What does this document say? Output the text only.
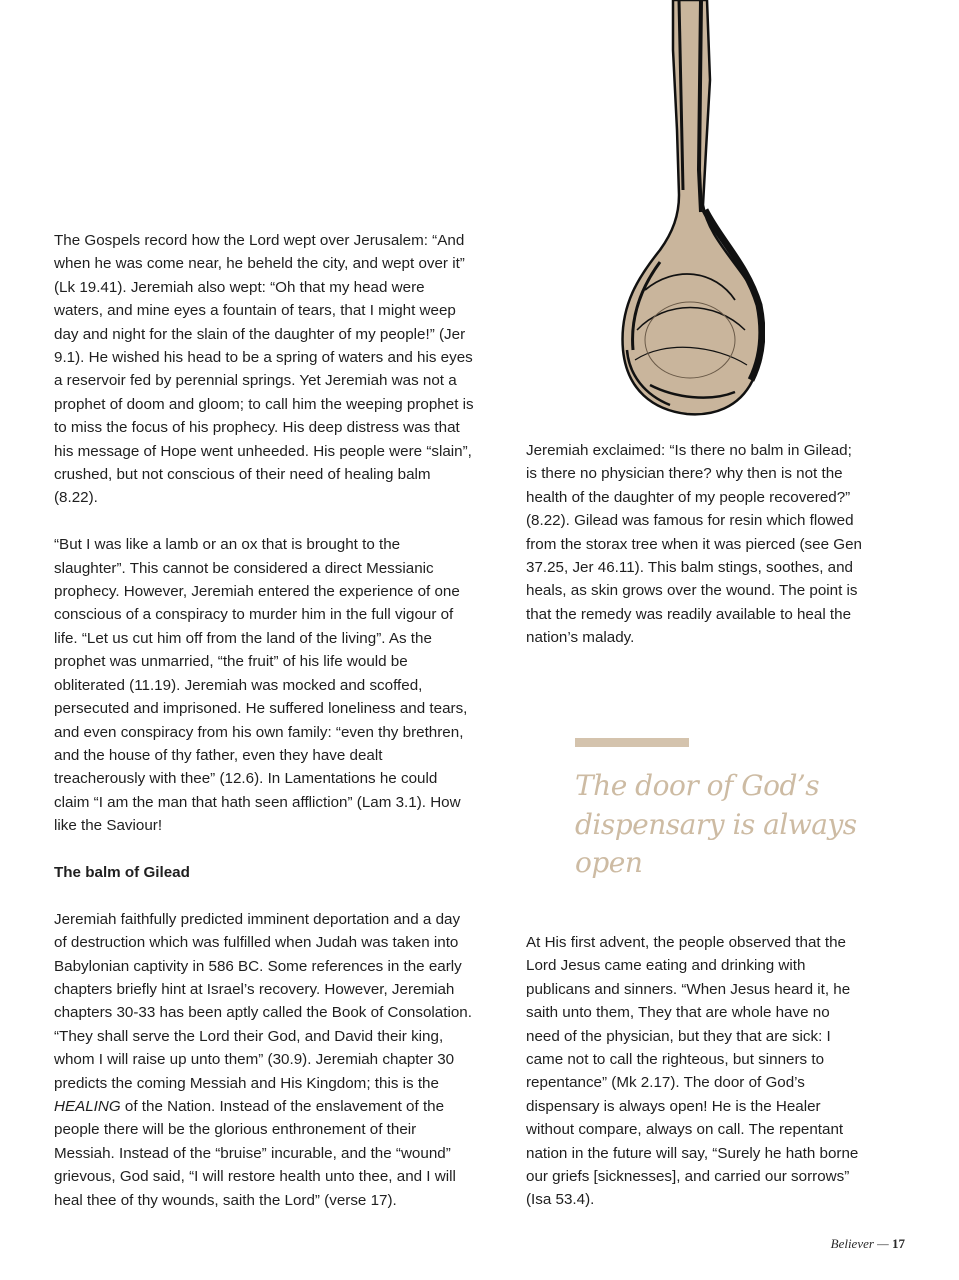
The Gospels record how the Lord wept over Jerusalem: “And when he was come near, he beheld the city, and wept over it” (Lk 19.41). Jeremiah also wept: “Oh that my head were waters, and mine eyes a fountain of tears, that I might weep day and night for the slain of the daughter of my people!” (Jer 9.1). He wished his head to be a spring of waters and his eyes a reservoir fed by perennial springs. Yet Jeremiah was not a prophet of doom and gloom; to call him the weeping prophet is to miss the focus of his prophecy. His deep distress was that his message of Hope went unheeded. His people were “slain”, crushed, but not conscious of their need of healing balm (8.22).

“But I was like a lamb or an ox that is brought to the slaughter”. This cannot be considered a direct Messianic prophecy. However, Jeremiah entered the experience of one conscious of a conspiracy to murder him in the full vigour of life. “Let us cut him off from the land of the living”. As the prophet was unmarried, “the fruit” of his life would be obliterated (11.19). Jeremiah was mocked and scoffed, persecuted and imprisoned. He suffered loneliness and tears, and even conspiracy from his own family: “even thy brethren, and the house of thy father, even they have dealt treacherously with thee” (12.6). In Lamentations he could claim “I am the man that hath seen affliction” (Lam 3.1). How like the Saviour!

The balm of Gilead

Jeremiah faithfully predicted imminent deportation and a day of destruction which was fulfilled when Judah was taken into Babylonian captivity in 586 BC. Some references in the early chapters briefly hint at Israel’s recovery. However, Jeremiah chapters 30-33 has been aptly called the Book of Consolation. “They shall serve the Lord their God, and David their king, whom I will raise up unto them” (30.9). Jeremiah chapter 30 predicts the coming Messiah and His Kingdom; this is the HEALING of the Nation. Instead of the enslavement of the people there will be the glorious enthronement of their Messiah. Instead of the “bruise” incurable, and the “wound” grievous, God said, “I will restore health unto thee, and I will heal thee of thy wounds, saith the Lord” (verse 17).

Jeremiah exclaimed: “Is there no balm in Gilead; is there no physician there? why then is not the health of the daughter of my people recovered?” (8.22). Gilead was famous for resin which flowed from the storax tree when it was pierced (see Gen 37.25, Jer 46.11). This balm stings, soothes, and heals, as skin grows over the wound. The point is that the remedy was readily available to heal the nation’s malady.

The door of God’s dispensary is always open

At His first advent, the people observed that the Lord Jesus came eating and drinking with publicans and sinners. “When Jesus heard it, he saith unto them, They that are whole have no need of the physician, but they that are sick: I came not to call the righteous, but sinners to repentance” (Mk 2.17). The door of God’s dispensary is always open! He is the Healer without compare, always on call. The repentant nation in the future will say, “Surely he hath borne our griefs [sicknesses], and carried our sorrows” (Isa 53.4).

Believer — 17
